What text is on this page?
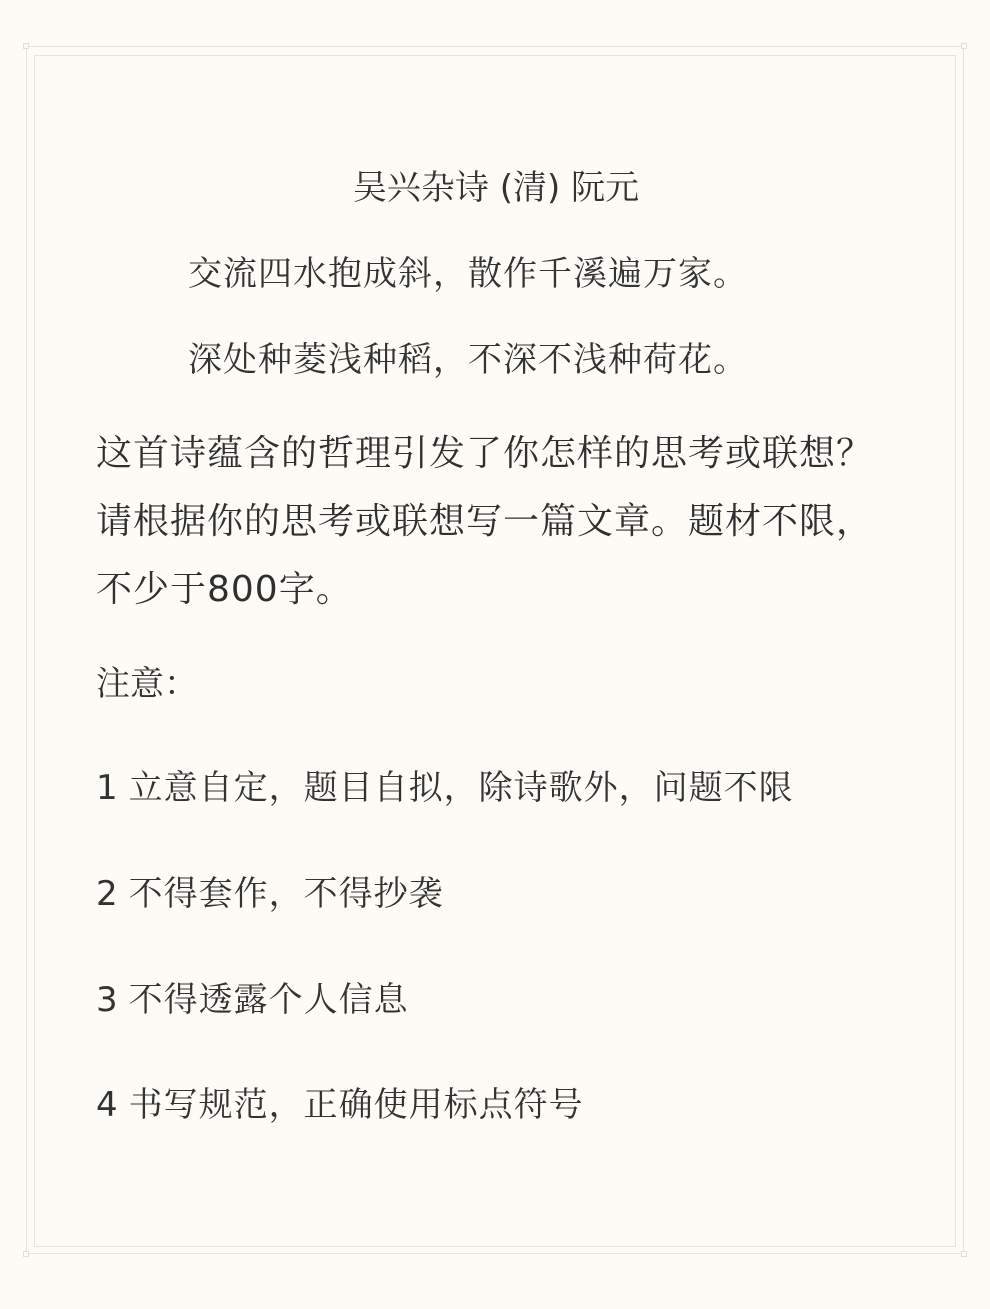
吴兴杂诗 (清) 阮元
交流四水抱成斜，散作千溪遍万家。
深处种菱浅种稻，不深不浅种荷花。

这首诗蕴含的哲理引发了你怎样的思考或联想？请根据你的思考或联想写一篇文章。题材不限，不少于800字。

注意：
1 立意自定，题目自拟，除诗歌外，问题不限
2 不得套作，不得抄袭
3 不得透露个人信息
4 书写规范，正确使用标点符号
